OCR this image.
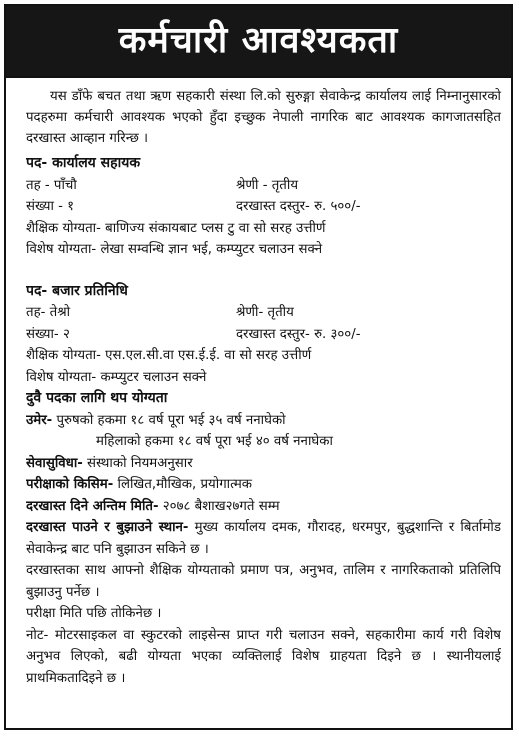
कर्मचारी आवश्यकता

यस डाँफे बचत तथा ऋण सहकारी संस्था लि.को सुरुङ्गा सेवाकेन्द्र कार्यालय लाई निम्नानुसारको पदहरुमा कर्मचारी आवश्यक भएको हुँदा इच्छुक नेपाली नागरिक बाट आवश्यक कागजातसहित दरखास्त आव्हान गरिन्छ ।

पद- कार्यालय सहायक
तह - पाँचौ	श्रेणी - तृतीय
संख्या - १	दरखास्त दस्तुर- रु. ५००/-
शैक्षिक योग्यता- बाणिज्य संकायबाट प्लस टु वा सो सरह उत्तीर्ण
विशेष योग्यता- लेखा सम्वन्धि ज्ञान भई, कम्प्युटर चलाउन सक्ने
पद- बजार प्रतिनिधि
तह- तेश्रो	श्रेणी- तृतीय
संख्या- २	दरखास्त दस्तुर- रु. ३००/-
शैक्षिक योग्यता- एस.एल.सी.वा एस.ई.ई. वा सो सरह उत्तीर्ण
विशेष योग्यता- कम्प्युटर चलाउन सक्ने
दुवै पदका लागि थप योग्यता
उमेर- पुरुषको हकमा १८ वर्ष पूरा भई ३५ वर्ष ननाघेको
महिलाको हकमा १८ वर्ष पूरा भई ४० वर्ष ननाघेका
सेवासुविधा- संस्थाको नियमअनुसार
परीक्षाको किसिम- लिखित,मौखिक, प्रयोगात्मक
दरखास्त दिने अन्तिम मिति- २०७८ बैशाख२७गते सम्म
दरखास्त पाउने र बुझाउने स्थान- मुख्य कार्यालय दमक, गौरादह, धरमपुर, बुद्धशान्ति र बिर्तामोड सेवाकेन्द्र बाट पनि बुझाउन सकिने छ ।
दरखास्तका साथ आफ्नो शैक्षिक योग्यताको प्रमाण पत्र, अनुभव, तालिम र नागरिकताको प्रतिलिपि बुझाउनु पर्नेछ ।
परीक्षा मिति पछि तोकिनेछ ।
नोट- मोटरसाइकल वा स्कुटरको लाइसेन्स प्राप्त गरी चलाउन सक्ने, सहकारीमा कार्य गरी विशेष अनुभव लिएको, बढी योग्यता भएका व्यक्तिलाई विशेष ग्राहयता दिइने छ । स्थानीयलाई प्राथमिकतादिइने छ ।
